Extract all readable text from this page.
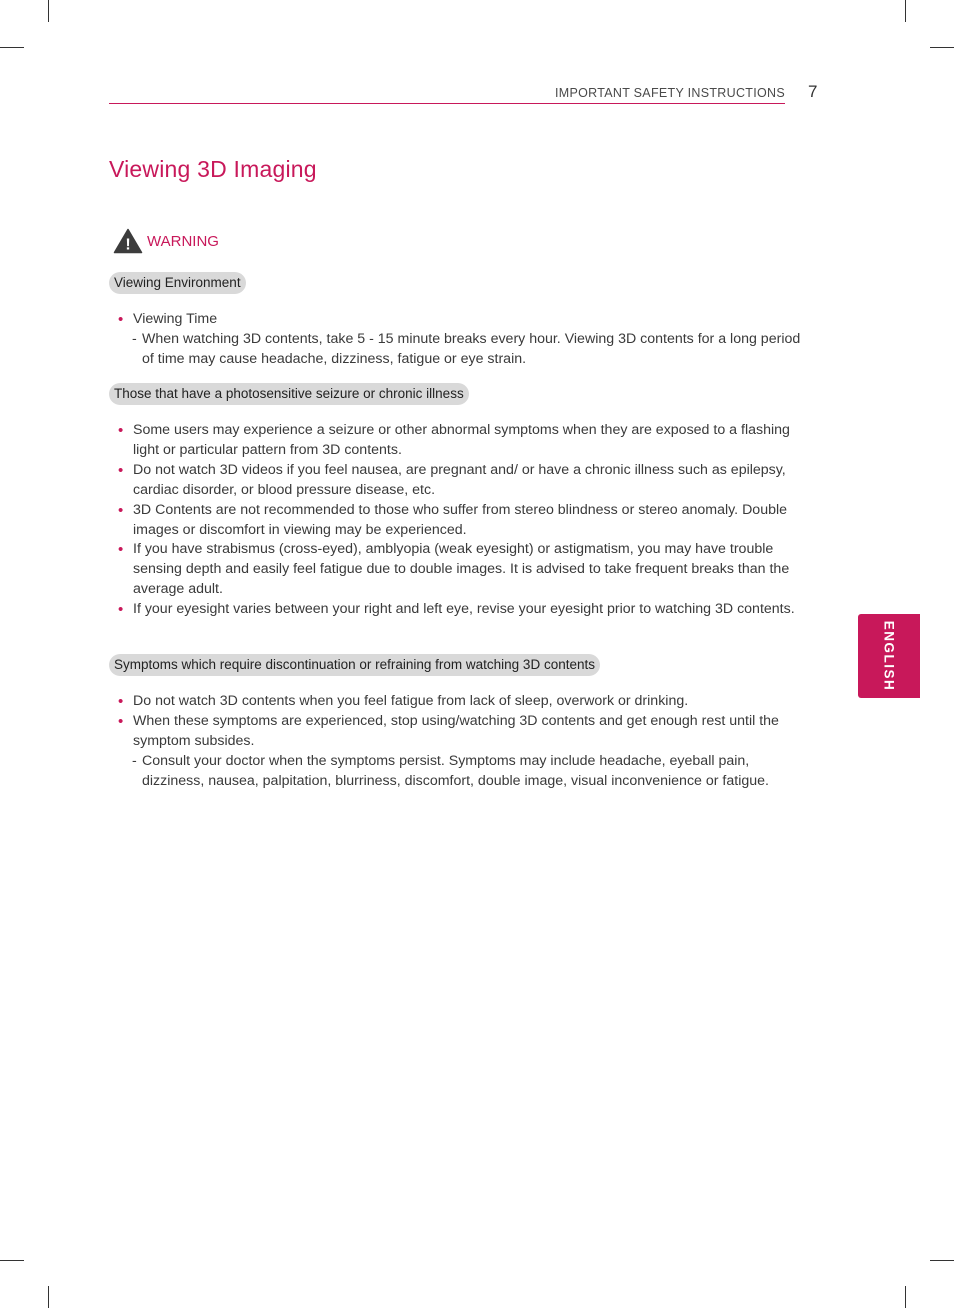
IMPORTANT SAFETY INSTRUCTIONS 7
Viewing 3D Imaging
! WARNING
Viewing Environment
• Viewing Time
- When watching 3D contents, take 5 - 15 minute breaks every hour. Viewing 3D contents for a long period of time may cause headache, dizziness, fatigue or eye strain.
Those that have a photosensitive seizure or chronic illness
• Some users may experience a seizure or other abnormal symptoms when they are exposed to a flashing light or particular pattern from 3D contents.
• Do not watch 3D videos if you feel nausea, are pregnant and/ or have a chronic illness such as epilepsy, cardiac disorder, or blood pressure disease, etc.
• 3D Contents are not recommended to those who suffer from stereo blindness or stereo anomaly. Double images or discomfort in viewing may be experienced.
• If you have strabismus (cross-eyed), amblyopia (weak eyesight) or astigmatism, you may have trouble sensing depth and easily feel fatigue due to double images. It is advised to take frequent breaks than the average adult.
• If your eyesight varies between your right and left eye, revise your eyesight prior to watching 3D contents.
Symptoms which require discontinuation or refraining from watching 3D contents
• Do not watch 3D contents when you feel fatigue from lack of sleep, overwork or drinking.
• When these symptoms are experienced, stop using/watching 3D contents and get enough rest until the symptom subsides.
- Consult your doctor when the symptoms persist. Symptoms may include headache, eyeball pain, dizziness, nausea, palpitation, blurriness, discomfort, double image, visual inconvenience or fatigue.
ENGLISH
